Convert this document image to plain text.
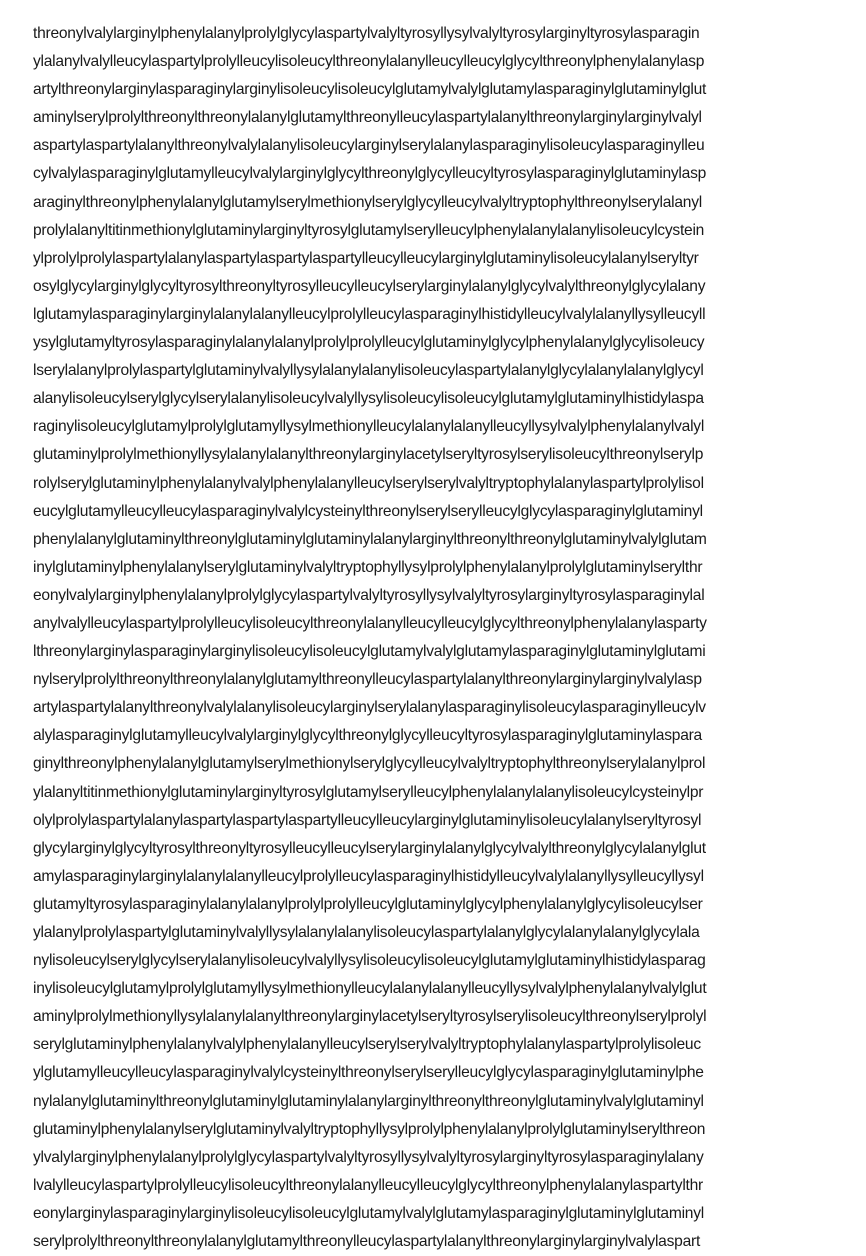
threonylvalylarginylphenylalanylprolylglycylaspartylvalyltyrosyllysylvalyltyrosylarginyltyrosylasparagin
ylalanylvalylleucylaspartylprolylleucylisoleucylthreonylalanylleucylleucylglycylthreonylphenylalanylasp
artylthreonylarginylasparaginylarginylisoleucylisoleucylglutamylvalylglutamylasparaginylglutaminylglut
aminylserylprolylthreonylthreonylalanylglutamylthreonylleucylaspartylalanylthreonylarginylarginylvalyl
aspartylaspartylalanylthreonylvalylalanylisoleucylarginylserylalanylasparaginylisoleucylasparaginylleu
cylvalylasparaginylglutamylleucylvalylarginylglycylthreonylglycylleucyltyrosylasparaginylglutaminylasp
araginylthreonylphenylalanylglutamylserylmethionylserylglycylleucylvalyltryptophylthreonylserylalanyl
prolylalanyltitinmethionylglutaminylarginyltyrosylglutamylserylleucylphenylalanylalanylisoleucylcystein
ylprolylprolylaspartylalanylaspartylaspartylaspartylleucylleucylarginylglutaminylisoleucylalanylseryltyr
osylglycylarginylglycyltyrosylthreonyltyrosylleucylleucylserylarginylalanylglycylvalylthreonylglycylalany
lglutamylasparaginylarginylalanylalanylleucylprolylleucylasparaginylhistidylleucylvalylalanyllysylleucyll
ysylglutamyltyrosylasparaginylalanylalanylprolylprolylleucylglutaminylglycylphenylalanylglycylisoleucy
lserylalanylprolylaspartylglutaminylvalyllysylalanylalanylisoleucylaspartylalanylglycylalanylalanylglycyl
alanylisoleucylserylglycylserylalanylisoleucylvalyllysylisoleucylisoleucylglutamylglutaminylhistidylaspa
raginylisoleucylglutamylprolylglutamyllysylmethionylleucylalanylalanylleucyllysylvalylphenylalanylvalyl
glutaminylprolylmethionyllysylalanylalanylthreonylarginylacetylseryltyrosylserylisoleucylthreonylserylp
rolylserylglutaminylphenylalanylvalylphenylalanylleucylserylserylvalyltryptophylalanylaspartylprolylisol
eucylglutamylleucylleucylasparaginylvalylcysteinylthreonylserylserylleucylglycylasparaginylglutaminyl
phenylalanylglutaminylthreonylglutaminylglutaminylalanylarginylthreonylthreonylglutaminylvalylglutam
inylglutaminylphenylalanylserylglutaminylvalyltryptophyllysylprolylphenylalanylprolylglutaminylserylthr
eonylvalylarginylphenylalanylprolylglycylaspartylvalyltyrosyllysylvalyltyrosylarginyltyrosylasparaginylal
anylvalylleucylaspartylprolylleucylisoleucylthreonylalanylleucylleucylglycylthreonylphenylalanylasparty
lthreonylarginylasparaginylarginylisoleucylisoleucylglutamylvalylglutamylasparaginylglutaminylglutami
nylserylprolylthreonylthreonylalanylglutamylthreonylleucylaspartylalanylthreonylarginylarginylvalylasp
artylaspartylalanylthreonylvalylalanylisoleucylarginylserylalanylasparaginylisoleucylasparaginylleucylv
alylasparaginylglutamylleucylvalylarginylglycylthreonylglycylleucyltyrosylasparaginylglutaminylaspara
ginylthreonylphenylalanylglutamylserylmethionylserylglycylleucylvalyltryptophylthreonylserylalanylprol
ylalanyltitinmethionylglutaminylarginyltyrosylglutamylserylleucylphenylalanylalanylisoleucylcysteinylpr
olylprolylaspartylalanylaspartylaspartylaspartylleucylleucylarginylglutaminylisoleucylalanylseryltyrosyl
glycylarginylglycyltyrosylthreonyltyrosylleucylleucylserylarginylalanylglycylvalylthreonylglycylalanylglut
amylasparaginylarginylalanylalanylleucylprolylleucylasparaginylhistidylleucylvalylalanyllysylleucyllysyl
glutamyltyrosylasparaginylalanylalanylprolylprolylleucylglutaminylglycylphenylalanylglycylisoleucylser
ylalanylprolylaspartylglutaminylvalyllysylalanylalanylisoleucylaspartylalanylglycylalanylalanylglycylala
nylisoleucylserylglycylserylalanylisoleucylvalyllysylisoleucylisoleucylglutamylglutaminylhistidylasparag
inylisoleucylglutamylprolylglutamyllysylmethionylleucylalanylalanylleucyllysylvalylphenylalanylvalylglut
aminylprolylmethionyllysylalanylalanylthreonylarginylacetylseryltyrosylserylisoleucylthreonylserylprolyl
serylglutaminylphenylalanylvalylphenylalanylleucylserylserylvalyltryptophylalanylaspartylprolylisoleuc
ylglutamylleucylleucylasparaginylvalylcysteinylthreonylserylserylleucylglycylasparaginylglutaminylphe
nylalanylglutaminylthreonylglutaminylglutaminylalanylarginylthreonylthreonylglutaminylvalylglutaminyl
glutaminylphenylalanylserylglutaminylvalyltryptophyllysylprolylphenylalanylprolylglutaminylserylthreon
ylvalylarginylphenylalanylprolylglycylaspartylvalyltyrosyllysylvalyltyrosylarginyltyrosylasparaginylalany
lvalylleucylaspartylprolylleucylisoleucylthreonylalanylleucylleucylglycylthreonylphenylalanylaspartylthr
eonylarginylasparaginylarginylisoleucylisoleucylglutamylvalylglutamylasparaginylglutaminylglutaminyl
serylprolylthreonylthreonylalanylglutamylthreonylleucylaspartylalanylthreonylarginylarginylvalylaspart
